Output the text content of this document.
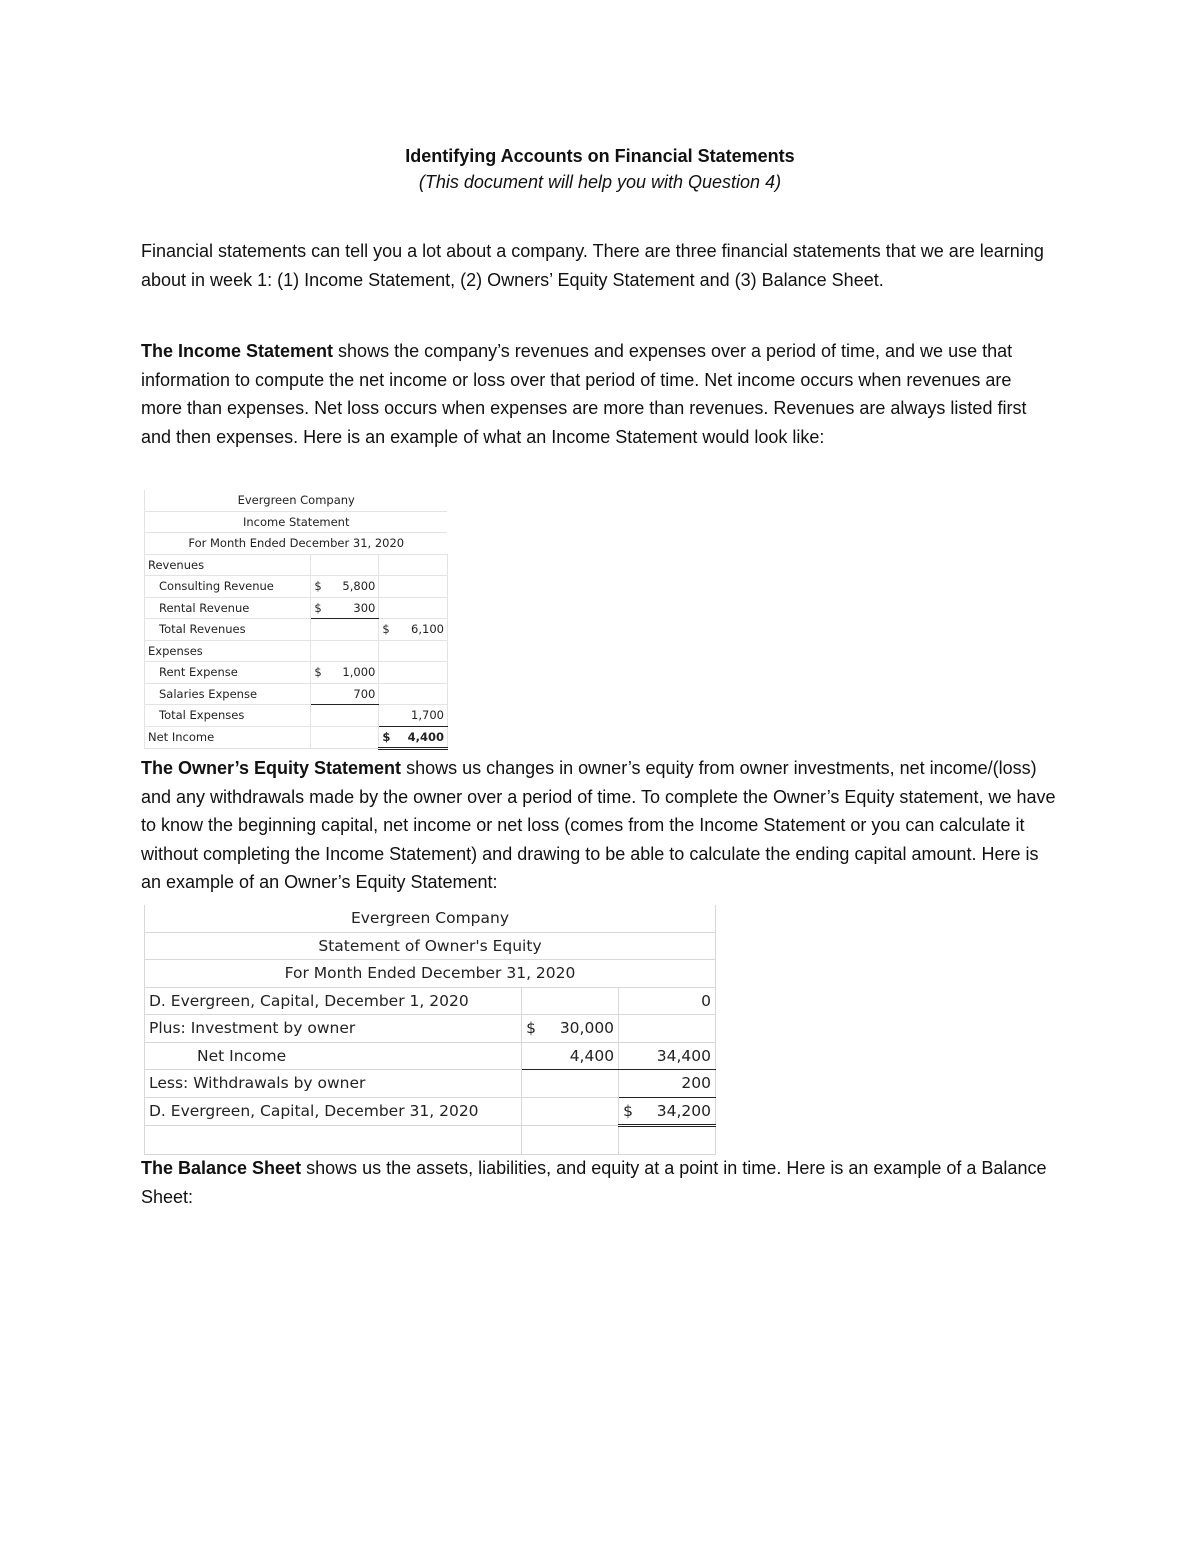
Identifying Accounts on Financial Statements
(This document will help you with Question 4)

Financial statements can tell you a lot about a company. There are three financial statements that we are learning about in week 1: (1) Income Statement, (2) Owners’ Equity Statement and (3) Balance Sheet.

The Income Statement shows the company’s revenues and expenses over a period of time, and we use that information to compute the net income or loss over that period of time. Net income occurs when revenues are more than expenses. Net loss occurs when expenses are more than revenues. Revenues are always listed first and then expenses. Here is an example of what an Income Statement would look like:

Evergreen Company			
Income Statement			
For Month Ended December 31, 2020			
Revenues			
Consulting Revenue	$ 5,800		

Rental Revenue	$ 300		

Total Revenues		$ 6,100	

Expenses			
Rent Expense	$ 1,000		

Salaries Expense	700		
Total Expenses		1,700	
Net Income		$ 4,400	

The Owner’s Equity Statement shows us changes in owner’s equity from owner investments, net income/(loss) and any withdrawals made by the owner over a period of time. To complete the Owner’s Equity statement, we have to know the beginning capital, net income or net loss (comes from the Income Statement or you can calculate it without completing the Income Statement) and drawing to be able to calculate the ending capital amount. Here is an example of an Owner’s Equity Statement:

Evergreen Company		
Statement of Owner's Equity		
For Month Ended December 31, 2020		
D. Evergreen, Capital, December 1, 2020		0
Plus: Investment by owner	$ 30,000	

Net Income	4,400	34,400
Less: Withdrawals by owner		200
D. Evergreen, Capital, December 31, 2020		$ 34,200

The Balance Sheet shows us the assets, liabilities, and equity at a point in time. Here is an example of a Balance Sheet:
